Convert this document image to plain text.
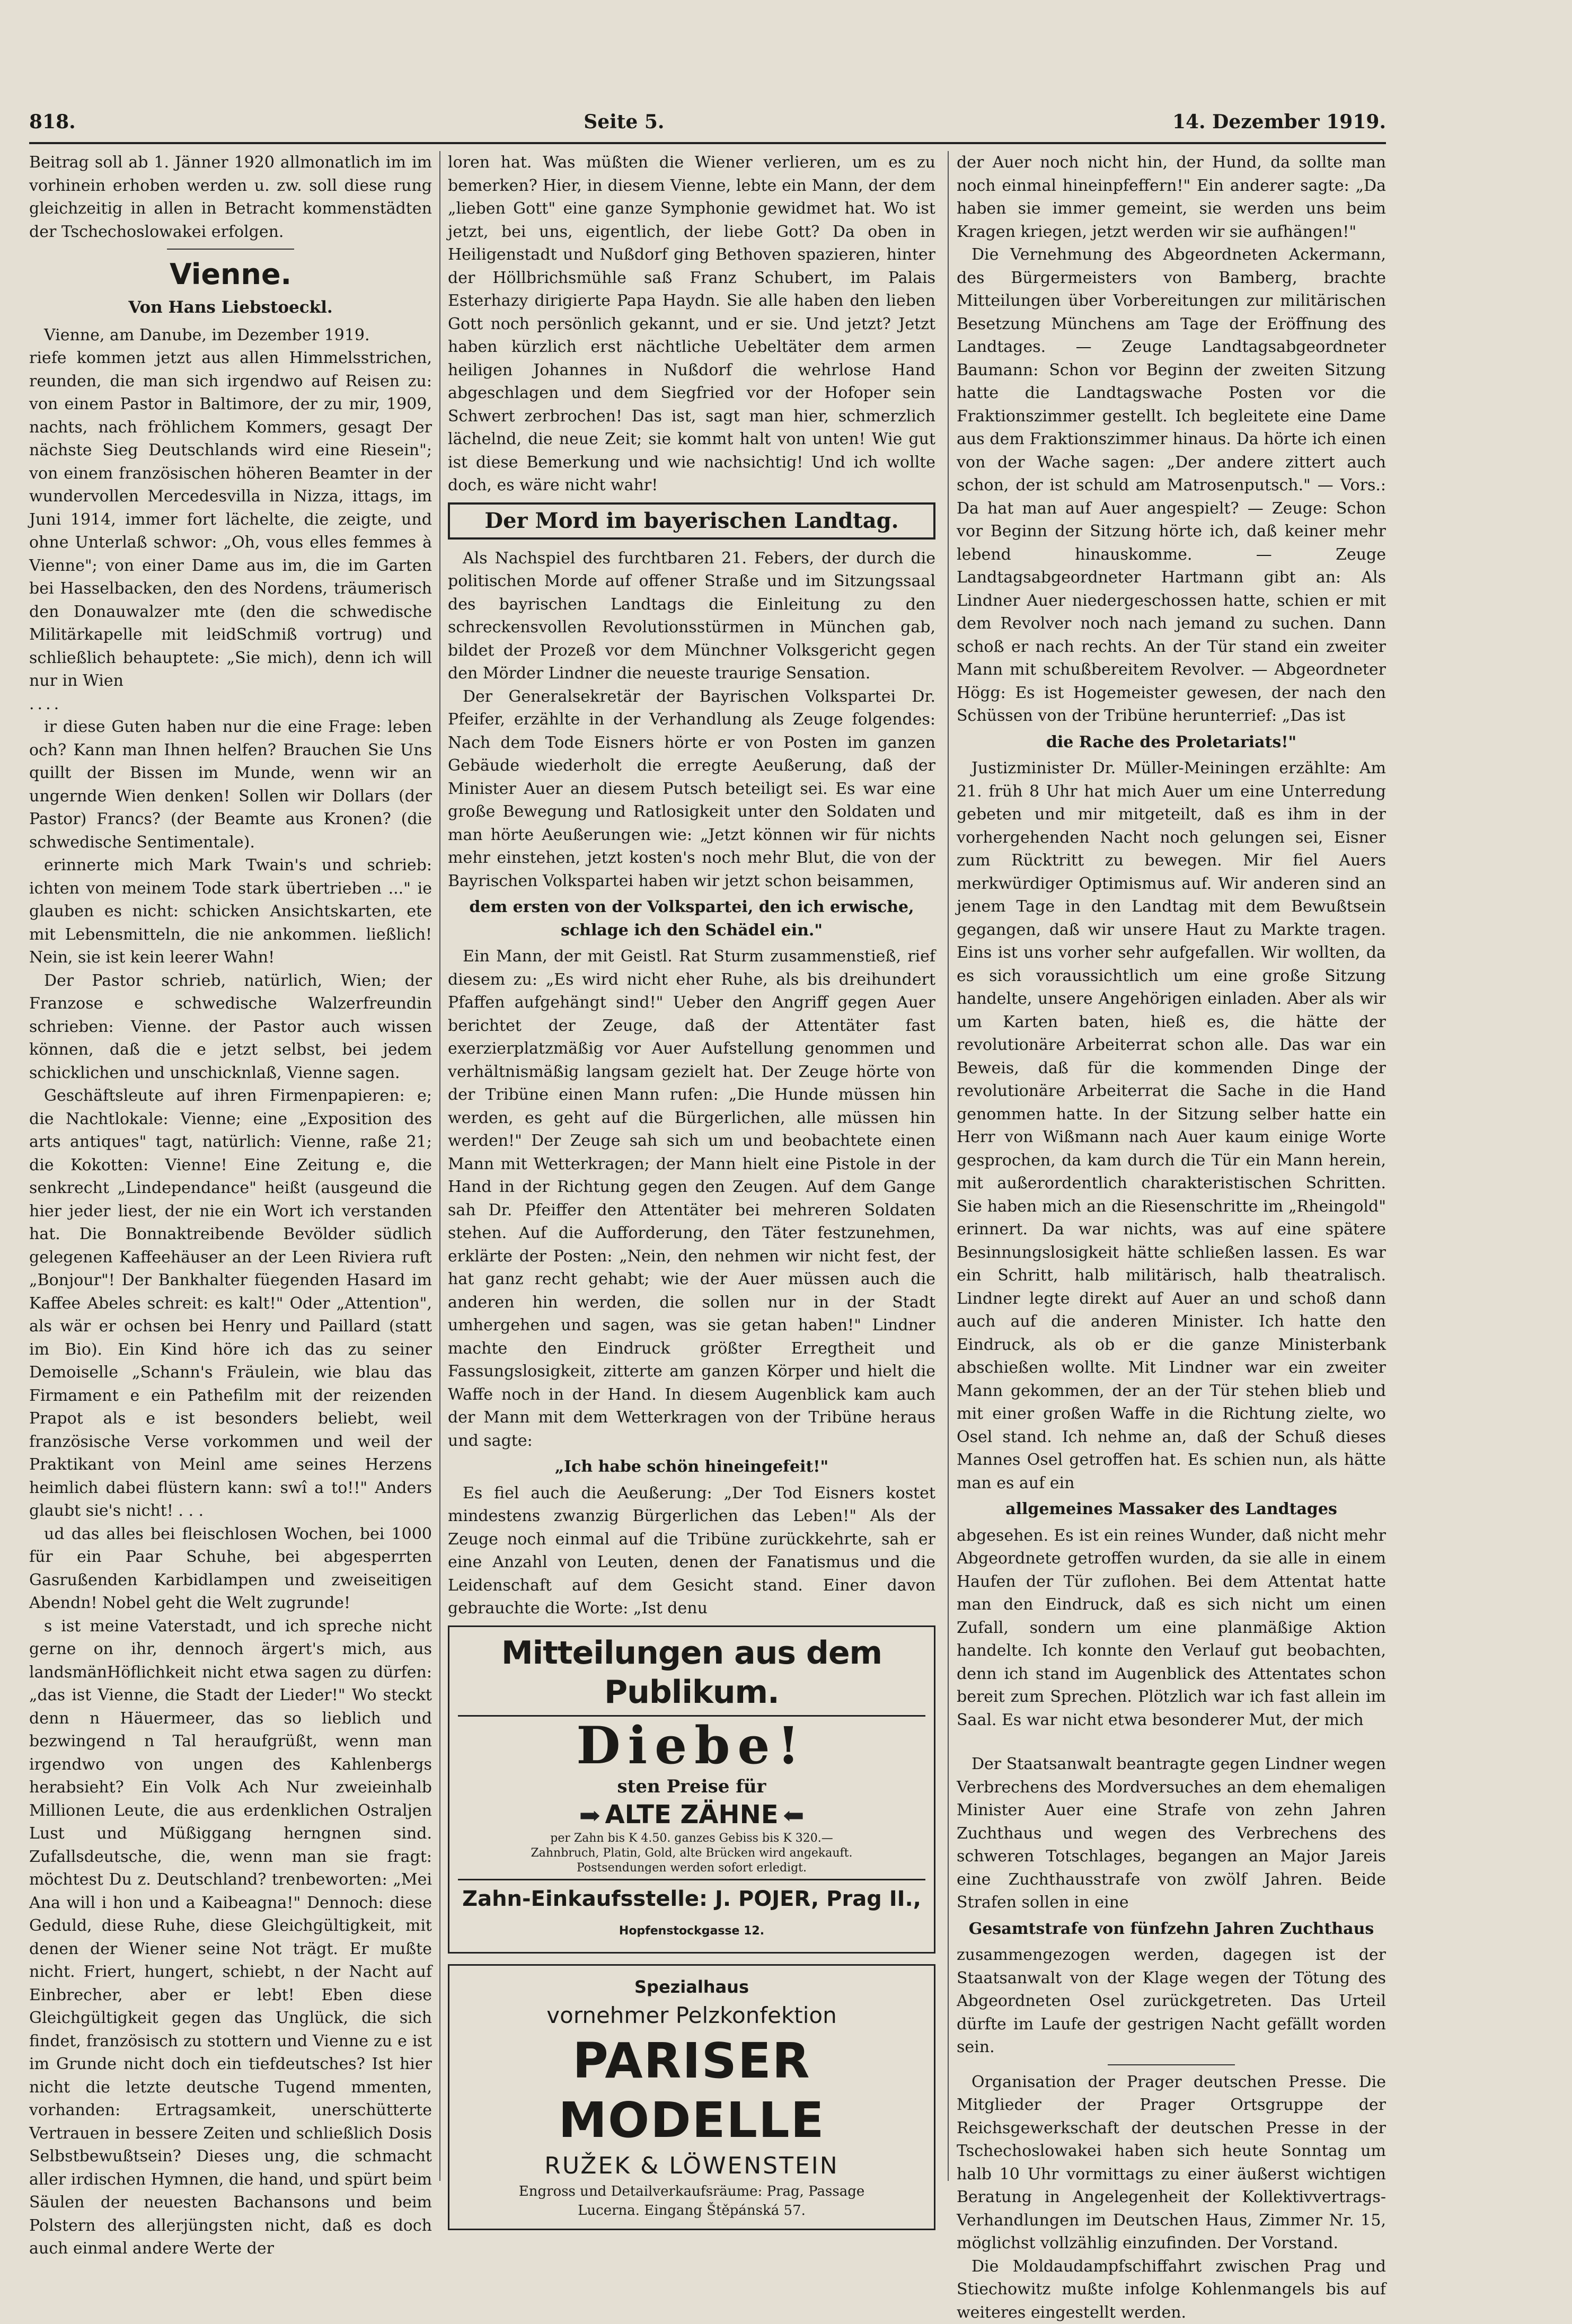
818.	Seite 5.	14. Dezember 1919.

Beitrag soll ab 1. Jänner 1920 allmonatlich im im vorhinein erhoben werden u. zw. soll diese rung gleichzeitig in allen in Betracht kommenstädten der Tschechoslowakei erfolgen.

Vienne.
Von Hans Liebstoeckl.

Vienne, am Danube, im Dezember 1919.

riefe kommen jetzt aus allen Himmelsstrichen, reunden, die man sich irgendwo auf Reisen zu: von einem Pastor in Baltimore, der zu mir, 1909, nachts, nach fröhlichem Kommers, gesagt Der nächste Sieg Deutschlands wird eine Riesein"; von einem französischen höheren Beamter in der wundervollen Mercedesvilla in Nizza, ittags, im Juni 1914, immer fort lächelte, die zeigte, und ohne Unterlaß schwor: „Oh, vous elles femmes à Vienne"; von einer Dame aus im, die im Garten bei Hasselbacken, den des Nordens, träumerisch den Donauwalzer mte (den die schwedische Militärkapelle mit leidSchmiß vortrug) und schließlich behauptete: „Sie mich), denn ich will nur in Wien

....

ir diese Guten haben nur die eine Frage: leben och? Kann man Ihnen helfen? Brauchen Sie Uns quillt der Bissen im Munde, wenn wir an ungernde Wien denken! Sollen wir Dollars (der Pastor) Francs? (der Beamte aus Kronen? (die schwedische Sentimentale).

erinnerte mich Mark Twain's und schrieb: ichten von meinem Tode stark übertrieben ..." ie glauben es nicht: schicken Ansichtskarten, ete mit Lebensmitteln, die nie ankommen. ließlich! Nein, sie ist kein leerer Wahn!

Der Pastor schrieb, natürlich, Wien; der Franzose e schwedische Walzerfreundin schrieben: Vienne. der Pastor auch wissen können, daß die e jetzt selbst, bei jedem schicklichen und unschicknlaß, Vienne sagen.

Geschäftsleute auf ihren Firmenpapieren: e; die Nachtlokale: Vienne; eine „Exposition des arts antiques" tagt, natürlich: Vienne, raße 21; die Kokotten: Vienne! Eine Zeitung e, die senkrecht „Lindependance" heißt (ausgeund die hier jeder liest, der nie ein Wort ich verstanden hat. Die Bonnaktreibende Bevölder südlich gelegenen Kaffeehäuser an der Leen Riviera ruft „Bonjour"! Der Bankhalter füegenden Hasard im Kaffee Abeles schreit: es kalt!" Oder „Attention", als wär er ochsen bei Henry und Paillard (statt im Bio). Ein Kind höre ich das zu seiner Demoiselle „Schann's Fräulein, wie blau das Firmament e ein Pathefilm mit der reizenden Prapot als e ist besonders beliebt, weil französische Verse vorkommen und weil der Praktikant von Meinl ame seines Herzens heimlich dabei flüstern kann: swî a to!!" Anders glaubt sie's nicht! . . .

ud das alles bei fleischlosen Wochen, bei 1000 für ein Paar Schuhe, bei abgesperrten Gasrußenden Karbidlampen und zweiseitigen Abendn! Nobel geht die Welt zugrunde!

s ist meine Vaterstadt, und ich spreche nicht gerne on ihr, dennoch ärgert's mich, aus landsmänHöflichkeit nicht etwa sagen zu dürfen: „das ist Vienne, die Stadt der Lieder!" Wo steckt denn n Häuermeer, das so lieblich und bezwingend n Tal heraufgrüßt, wenn man irgendwo von ungen des Kahlenbergs herabsieht? Ein Volk Ach Nur zweieinhalb Millionen Leute, die aus erdenklichen Ostraljen Lust und Müßiggang herngnen sind. Zufallsdeutsche, die, wenn man sie fragt: möchtest Du z. Deutschland? trenbeworten: „Mei Ana will i hon und a Kaibeagna!" Dennoch: diese Geduld, diese Ruhe, diese Gleichgültigkeit, mit denen der Wiener seine Not trägt. Er mußte nicht. Friert, hungert, schiebt, n der Nacht auf Einbrecher, aber er lebt! Eben diese Gleichgültigkeit gegen das Unglück, die sich findet, französisch zu stottern und Vienne zu e ist im Grunde nicht doch ein tiefdeutsches? Ist hier nicht die letzte deutsche Tugend mmenten, vorhanden: Ertragsamkeit, unerschütterte Vertrauen in bessere Zeiten und schließlich Dosis Selbstbewußtsein? Dieses ung, die schmacht aller irdischen Hymnen, die hand, und spürt beim Säulen der neuesten Bachansons und beim Polstern des allerjüngsten nicht, daß es doch auch einmal andere Werte der

loren hat. Was müßten die Wiener verlieren, um es zu bemerken? Hier, in diesem Vienne, lebte ein Mann, der dem „lieben Gott" eine ganze Symphonie gewidmet hat. Wo ist jetzt, bei uns, eigentlich, der liebe Gott? Da oben in Heiligenstadt und Nußdorf ging Bethoven spazieren, hinter der Höllbrichsmühle saß Franz Schubert, im Palais Esterhazy dirigierte Papa Haydn. Sie alle haben den lieben Gott noch persönlich gekannt, und er sie. Und jetzt? Jetzt haben kürzlich erst nächtliche Uebeltäter dem armen heiligen Johannes in Nußdorf die wehrlose Hand abgeschlagen und dem Siegfried vor der Hofoper sein Schwert zerbrochen! Das ist, sagt man hier, schmerzlich lächelnd, die neue Zeit; sie kommt halt von unten! Wie gut ist diese Bemerkung und wie nachsichtig! Und ich wollte doch, es wäre nicht wahr!

Der Mord im bayerischen Landtag.

Als Nachspiel des furchtbaren 21. Febers, der durch die politischen Morde auf offener Straße und im Sitzungssaal des bayrischen Landtags die Einleitung zu den schreckensvollen Revolutionsstürmen in München gab, bildet der Prozeß vor dem Münchner Volksgericht gegen den Mörder Lindner die neueste traurige Sensation.

Der Generalsekretär der Bayrischen Volkspartei Dr. Pfeifer, erzählte in der Verhandlung als Zeuge folgendes: Nach dem Tode Eisners hörte er von Posten im ganzen Gebäude wiederholt die erregte Aeußerung, daß der Minister Auer an diesem Putsch beteiligt sei. Es war eine große Bewegung und Ratlosigkeit unter den Soldaten und man hörte Aeußerungen wie: „Jetzt können wir für nichts mehr einstehen, jetzt kosten's noch mehr Blut, die von der Bayrischen Volkspartei haben wir jetzt schon beisammen,

dem ersten von der Volkspartei, den ich erwische, schlage ich den Schädel ein."

Ein Mann, der mit Geistl. Rat Sturm zusammenstieß, rief diesem zu: „Es wird nicht eher Ruhe, als bis dreihundert Pfaffen aufgehängt sind!" Ueber den Angriff gegen Auer berichtet der Zeuge, daß der Attentäter fast exerzierplatzmäßig vor Auer Aufstellung genommen und verhältnismäßig langsam gezielt hat. Der Zeuge hörte von der Tribüne einen Mann rufen: „Die Hunde müssen hin werden, es geht auf die Bürgerlichen, alle müssen hin werden!" Der Zeuge sah sich um und beobachtete einen Mann mit Wetterkragen; der Mann hielt eine Pistole in der Hand in der Richtung gegen den Zeugen. Auf dem Gange sah Dr. Pfeiffer den Attentäter bei mehreren Soldaten stehen. Auf die Aufforderung, den Täter festzunehmen, erklärte der Posten: „Nein, den nehmen wir nicht fest, der hat ganz recht gehabt; wie der Auer müssen auch die anderen hin werden, die sollen nur in der Stadt umhergehen und sagen, was sie getan haben!" Lindner machte den Eindruck größter Erregtheit und Fassungslosigkeit, zitterte am ganzen Körper und hielt die Waffe noch in der Hand. In diesem Augenblick kam auch der Mann mit dem Wetterkragen von der Tribüne heraus und sagte:

„Ich habe schön hineingefeit!"

Es fiel auch die Aeußerung: „Der Tod Eisners kostet mindestens zwanzig Bürgerlichen das Leben!" Als der Zeuge noch einmal auf die Tribüne zurückkehrte, sah er eine Anzahl von Leuten, denen der Fanatismus und die Leidenschaft auf dem Gesicht stand. Einer davon gebrauchte die Worte: „Ist denu

Mitteilungen aus dem Publikum.
Diebe!
sten Preise für
ALTE ZÄHNE
per Zahn bis K 4.50. ganzes Gebiss bis K 320.—
Zahnbruch, Platin, Gold, alte Brücken wird angekauft.
Postsendungen werden sofort erledigt.
Zahn-Einkaufsstelle: J. POJER, Prag II., Hopfenstockgasse 12.
Spezialhaus
vornehmer Pelzkonfektion
PARISER MODELLE
RUŽEK & LÖWENSTEIN
Engross und Detailverkaufsräume: Prag, Passage
Lucerna. Eingang Štěpánská 57.

der Auer noch nicht hin, der Hund, da sollte man noch einmal hineinpfeffern!" Ein anderer sagte: „Da haben sie immer gemeint, sie werden uns beim Kragen kriegen, jetzt werden wir sie aufhängen!"

Die Vernehmung des Abgeordneten Ackermann, des Bürgermeisters von Bamberg, brachte Mitteilungen über Vorbereitungen zur militärischen Besetzung Münchens am Tage der Eröffnung des Landtages. — Zeuge Landtagsabgeordneter Baumann: Schon vor Beginn der zweiten Sitzung hatte die Landtagswache Posten vor die Fraktionszimmer gestellt. Ich begleitete eine Dame aus dem Fraktionszimmer hinaus. Da hörte ich einen von der Wache sagen: „Der andere zittert auch schon, der ist schuld am Matrosenputsch." — Vors.: Da hat man auf Auer angespielt? — Zeuge: Schon vor Beginn der Sitzung hörte ich, daß keiner mehr lebend hinauskomme. — Zeuge Landtagsabgeordneter Hartmann gibt an: Als Lindner Auer niedergeschossen hatte, schien er mit dem Revolver noch nach jemand zu suchen. Dann schoß er nach rechts. An der Tür stand ein zweiter Mann mit schußbereitem Revolver. — Abgeordneter Högg: Es ist Hogemeister gewesen, der nach den Schüssen von der Tribüne herunterrief: „Das ist

die Rache des Proletariats!"

Justizminister Dr. Müller-Meiningen erzählte: Am 21. früh 8 Uhr hat mich Auer um eine Unterredung gebeten und mir mitgeteilt, daß es ihm in der vorhergehenden Nacht noch gelungen sei, Eisner zum Rücktritt zu bewegen. Mir fiel Auers merkwürdiger Optimismus auf. Wir anderen sind an jenem Tage in den Landtag mit dem Bewußtsein gegangen, daß wir unsere Haut zu Markte tragen. Eins ist uns vorher sehr aufgefallen. Wir wollten, da es sich voraussichtlich um eine große Sitzung handelte, unsere Angehörigen einladen. Aber als wir um Karten baten, hieß es, die hätte der revolutionäre Arbeiterrat schon alle. Das war ein Beweis, daß für die kommenden Dinge der revolutionäre Arbeiterrat die Sache in die Hand genommen hatte. In der Sitzung selber hatte ein Herr von Wißmann nach Auer kaum einige Worte gesprochen, da kam durch die Tür ein Mann herein, mit außerordentlich charakteristischen Schritten. Sie haben mich an die Riesenschritte im „Rheingold" erinnert. Da war nichts, was auf eine spätere Besinnungslosigkeit hätte schließen lassen. Es war ein Schritt, halb militärisch, halb theatralisch. Lindner legte direkt auf Auer an und schoß dann auch auf die anderen Minister. Ich hatte den Eindruck, als ob er die ganze Ministerbank abschießen wollte. Mit Lindner war ein zweiter Mann gekommen, der an der Tür stehen blieb und mit einer großen Waffe in die Richtung zielte, wo Osel stand. Ich nehme an, daß der Schuß dieses Mannes Osel getroffen hat. Es schien nun, als hätte man es auf ein

allgemeines Massaker des Landtages

abgesehen. Es ist ein reines Wunder, daß nicht mehr Abgeordnete getroffen wurden, da sie alle in einem Haufen der Tür zuflohen. Bei dem Attentat hatte man den Eindruck, daß es sich nicht um einen Zufall, sondern um eine planmäßige Aktion handelte. Ich konnte den Verlauf gut beobachten, denn ich stand im Augenblick des Attentates schon bereit zum Sprechen. Plötzlich war ich fast allein im Saal. Es war nicht etwa besonderer Mut, der mich

Der Staatsanwalt beantragte gegen Lindner wegen Verbrechens des Mordversuches an dem ehemaligen Minister Auer eine Strafe von zehn Jahren Zuchthaus und wegen des Verbrechens des schweren Totschlages, begangen an Major Jareis eine Zuchthausstrafe von zwölf Jahren. Beide Strafen sollen in eine

Gesamtstrafe von fünfzehn Jahren Zuchthaus

zusammengezogen werden, dagegen ist der Staatsanwalt von der Klage wegen der Tötung des Abgeordneten Osel zurückgetreten. Das Urteil dürfte im Laufe der gestrigen Nacht gefällt worden sein.

Organisation der Prager deutschen Presse. Die Mitglieder der Prager Ortsgruppe der Reichsgewerkschaft der deutschen Presse in der Tschechoslowakei haben sich heute Sonntag um halb 10 Uhr vormittags zu einer äußerst wichtigen Beratung in Angelegenheit der Kollektivvertrags-Verhandlungen im Deutschen Haus, Zimmer Nr. 15, möglichst vollzählig einzufinden. Der Vorstand.

Die Moldaudampfschiffahrt zwischen Prag und Stiechowitz mußte infolge Kohlenmangels bis auf weiteres eingestellt werden.
